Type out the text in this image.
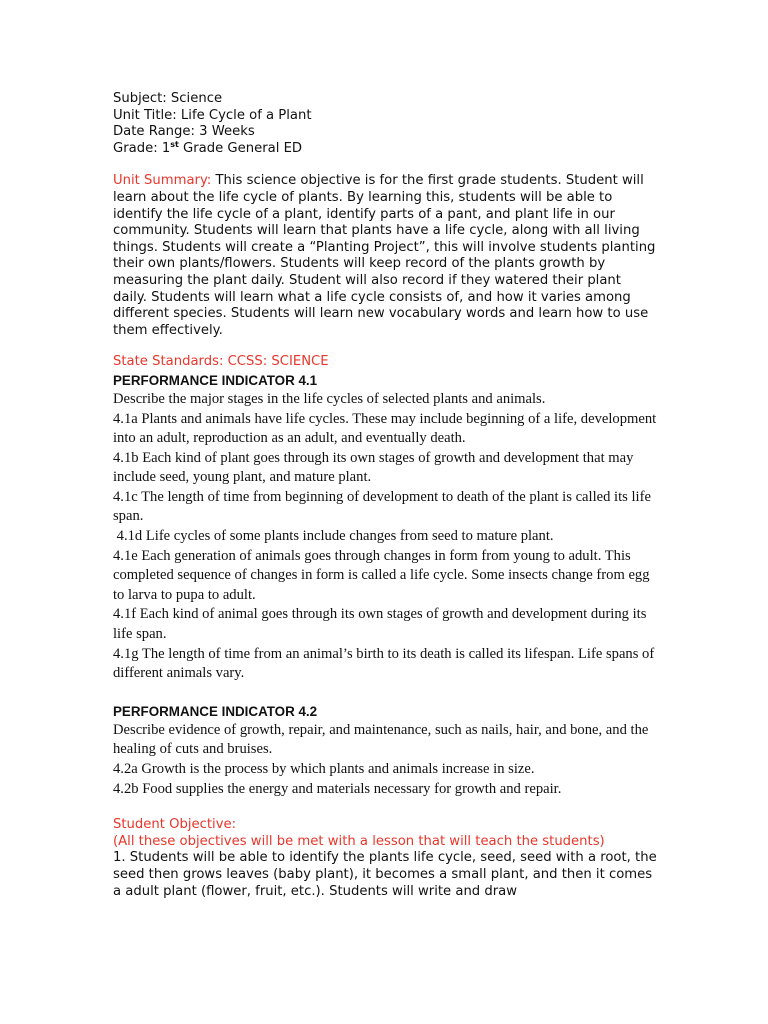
Subject: Science

Unit Title: Life Cycle of a Plant

Date Range: 3 Weeks

Grade: 1st Grade General ED

Unit Summary: This science objective is for the first grade students. Student will learn about the life cycle of plants. By learning this, students will be able to identify the life cycle of a plant, identify parts of a pant, and plant life in our community. Students will learn that plants have a life cycle, along with all living things. Students will create a “Planting Project”, this will involve students planting their own plants/flowers. Students will keep record of the plants growth by measuring the plant daily. Student will also record if they watered their plant daily. Students will learn what a life cycle consists of, and how it varies among different species. Students will learn new vocabulary words and learn how to use them effectively.

State Standards: CCSS: SCIENCE

PERFORMANCE INDICATOR 4.1

Describe the major stages in the life cycles of selected plants and animals.

4.1a Plants and animals have life cycles. These may include beginning of a life, development into an adult, reproduction as an adult, and eventually death.

4.1b Each kind of plant goes through its own stages of growth and development that may include seed, young plant, and mature plant.

4.1c The length of time from beginning of development to death of the plant is called its life span.

4.1d Life cycles of some plants include changes from seed to mature plant.

4.1e Each generation of animals goes through changes in form from young to adult. This completed sequence of changes in form is called a life cycle. Some insects change from egg to larva to pupa to adult.

4.1f Each kind of animal goes through its own stages of growth and development during its life span.

4.1g The length of time from an animal’s birth to its death is called its lifespan. Life spans of different animals vary.

PERFORMANCE INDICATOR 4.2

Describe evidence of growth, repair, and maintenance, such as nails, hair, and bone, and the healing of cuts and bruises.

4.2a Growth is the process by which plants and animals increase in size.

4.2b Food supplies the energy and materials necessary for growth and repair.

Student Objective:

(All these objectives will be met with a lesson that will teach the students)

1. Students will be able to identify the plants life cycle, seed, seed with a root, the seed then grows leaves (baby plant), it becomes a small plant, and then it comes a adult plant (flower, fruit, etc.). Students will write and draw
